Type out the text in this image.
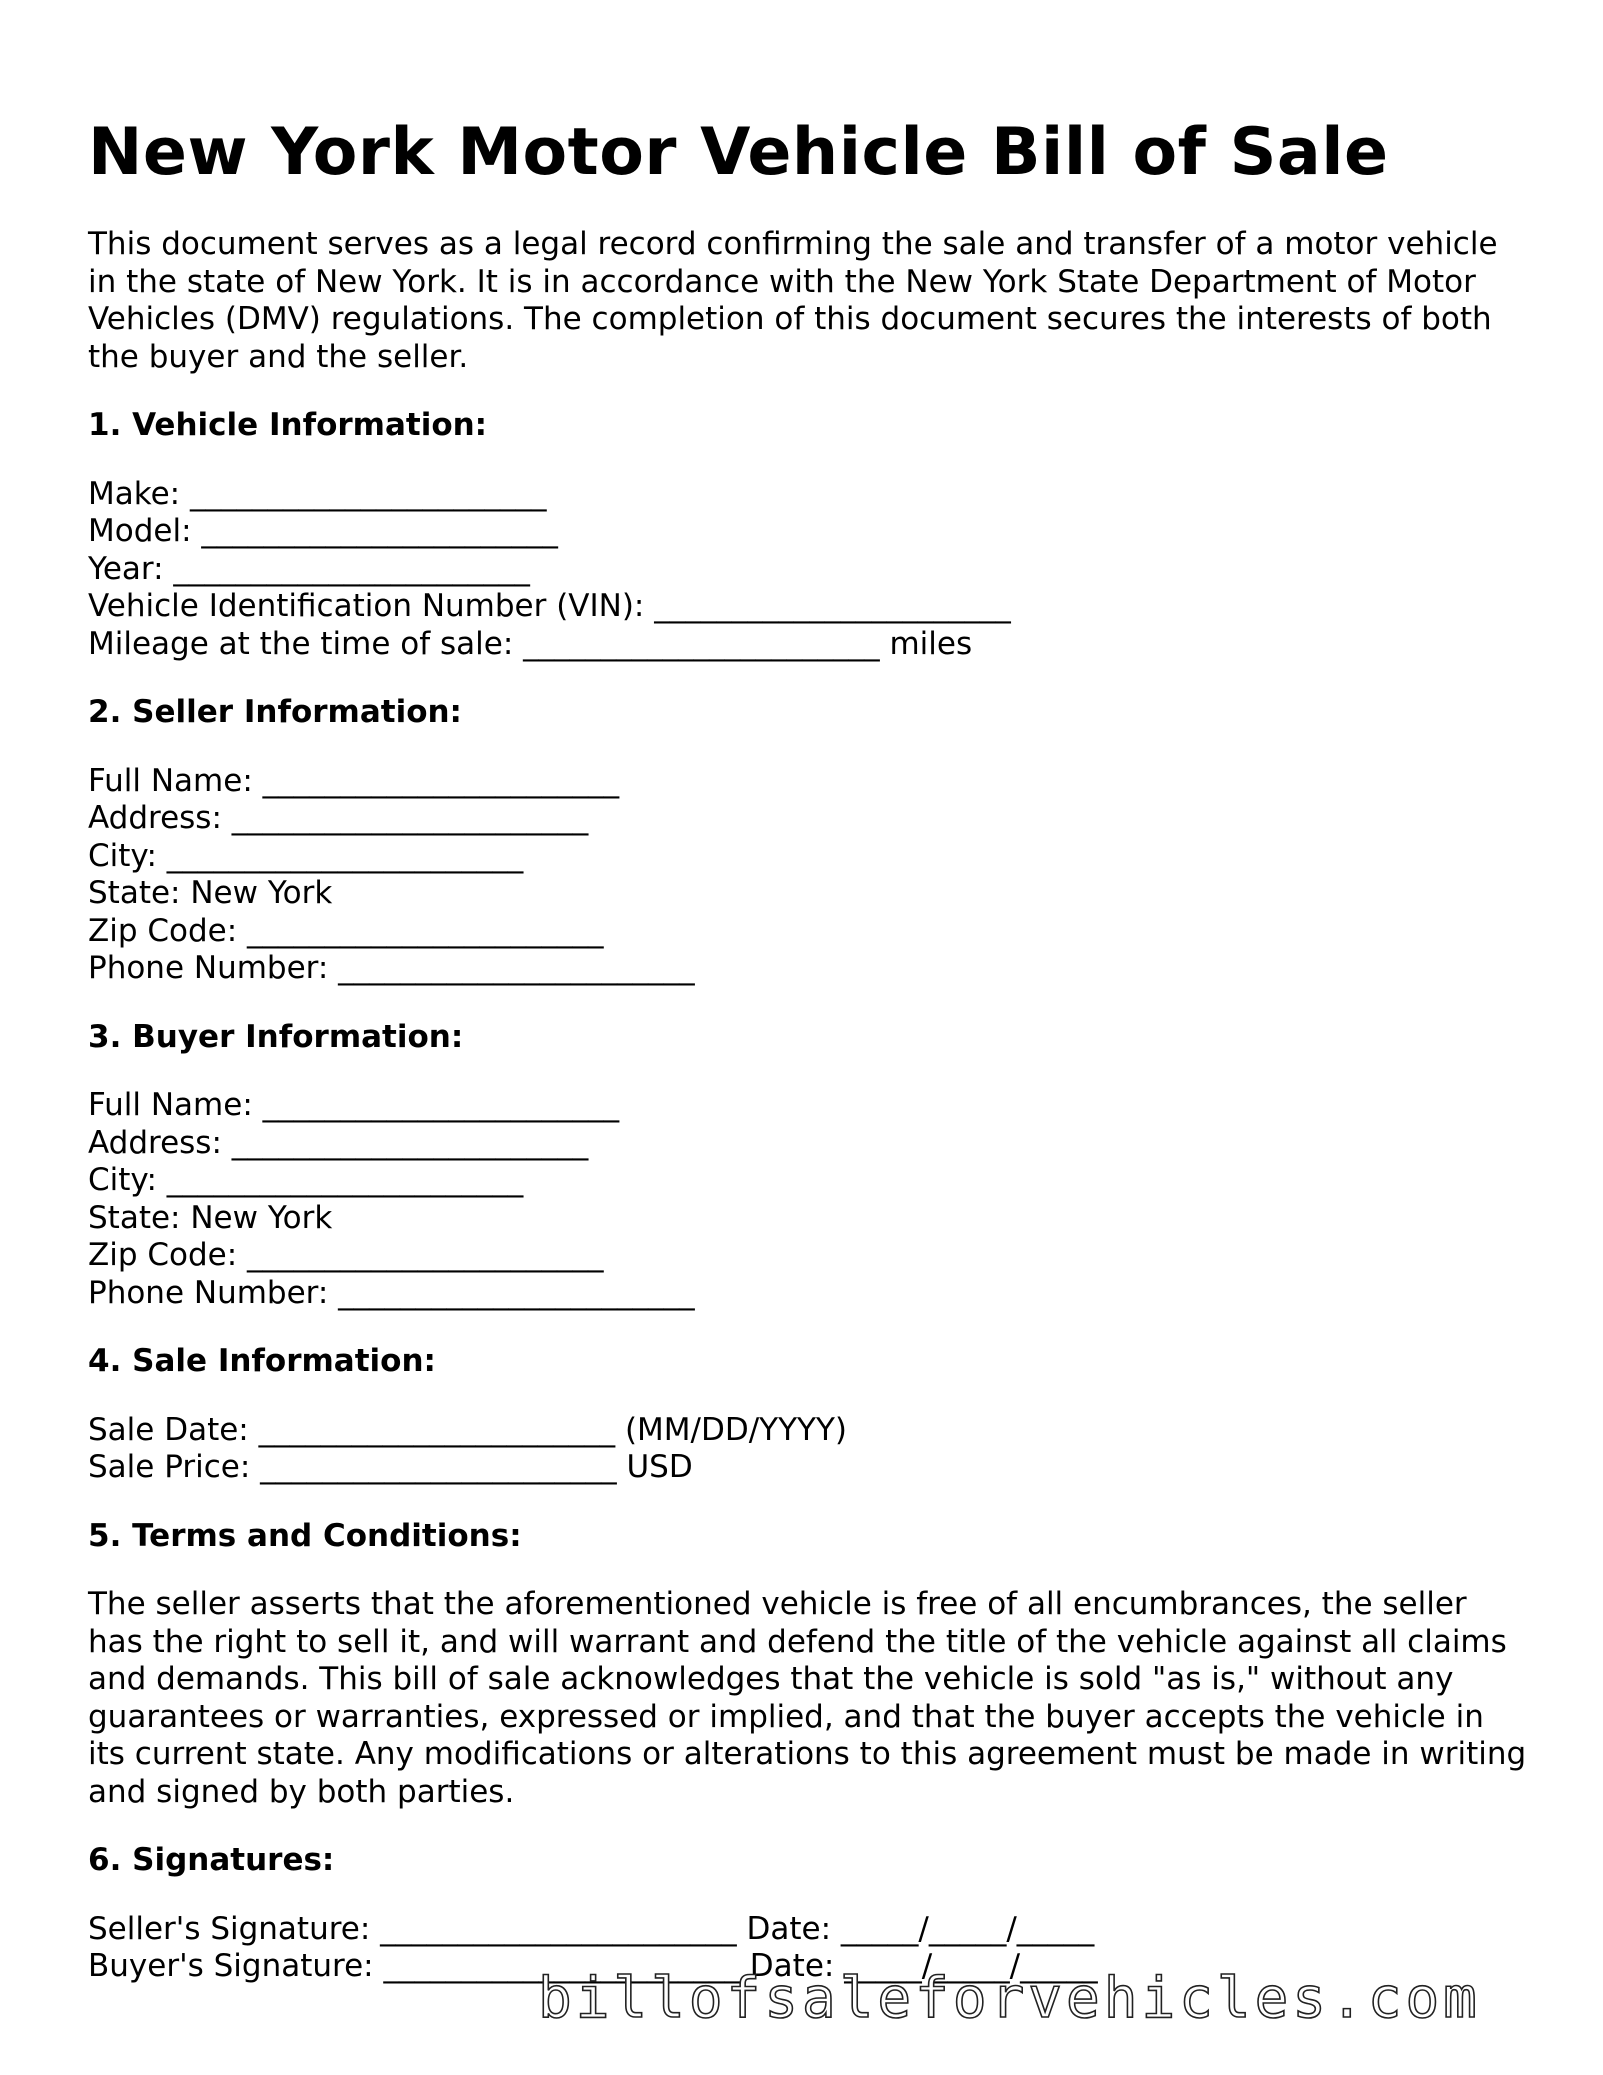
New York Motor Vehicle Bill of Sale

This document serves as a legal record confirming the sale and transfer of a motor vehicle in the state of New York. It is in accordance with the New York State Department of Motor Vehicles (DMV) regulations. The completion of this document secures the interests of both the buyer and the seller.

1. Vehicle Information:
Make: _______________________
Model: _______________________
Year: _______________________
Vehicle Identification Number (VIN): _______________________
Mileage at the time of sale: _______________________ miles
2. Seller Information:
Full Name: _______________________
Address: _______________________
City: _______________________
State: New York
Zip Code: _______________________
Phone Number: _______________________
3. Buyer Information:
Full Name: _______________________
Address: _______________________
City: _______________________
State: New York
Zip Code: _______________________
Phone Number: _______________________
4. Sale Information:
Sale Date: _______________________ (MM/DD/YYYY)
Sale Price: _______________________ USD
5. Terms and Conditions:

The seller asserts that the aforementioned vehicle is free of all encumbrances, the seller has the right to sell it, and will warrant and defend the title of the vehicle against all claims and demands. This bill of sale acknowledges that the vehicle is sold "as is," without any guarantees or warranties, expressed or implied, and that the buyer accepts the vehicle in its current state. Any modifications or alterations to this agreement must be made in writing and signed by both parties.

6. Signatures:
Seller's Signature: _______________________ Date: _____/_____/_____
Buyer's Signature: _______________________ Date: _____/_____/_____
billofsaleforvehicles.com
